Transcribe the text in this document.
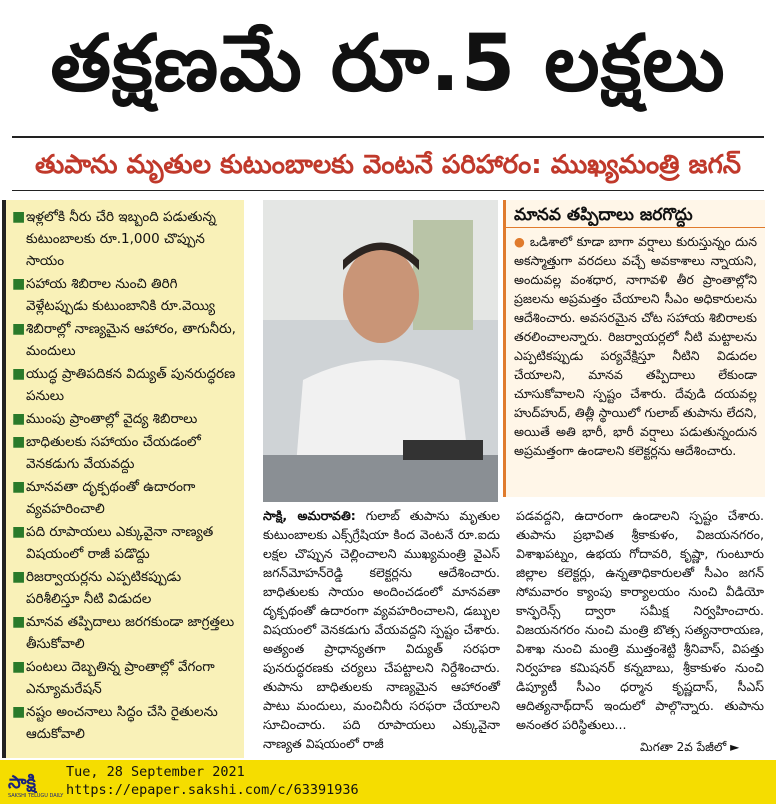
తక్షణమే రూ.5 లక్షలు
తుపాను మృతుల కుటుంబాలకు వెంటనే పరిహారం: ముఖ్యమంత్రి జగన్
■ ఇళ్లలోకి నీరు చేరి ఇబ్బంది పడుతున్న కుటుంబాలకు రూ.1,000 చొప్పున సాయం
■ సహాయ శిబిరాల నుంచి తిరిగి వెళ్లేటప్పుడు కుటుంబానికి రూ.వెయ్యి
■ శిబిరాల్లో నాణ్యమైన ఆహారం, తాగునీరు, మందులు
■ యుద్ధ ప్రాతిపదికన విద్యుత్ పునరుద్ధరణ పనులు
■ ముంపు ప్రాంతాల్లో వైద్య శిబిరాలు
■ బాధితులకు సహాయం చేయడంలో వెనకడుగు వేయవద్దు
■ మానవతా దృక్పథంతో ఉదారంగా వ్యవహరించాలి
■ పది రూపాయలు ఎక్కువైనా నాణ్యత విషయంలో రాజీ పడొద్దు
■ రిజర్వాయర్లను ఎప్పటికప్పుడు పరిశీలిస్తూ నీటి విడుదల
■ మానవ తప్పిదాలు జరగకుండా జాగ్రత్తలు తీసుకోవాలి
■ పంటలు దెబ్బతిన్న ప్రాంతాల్లో వేగంగా ఎన్యూమరేషన్
■ నష్టం అంచనాలు సిద్ధం చేసి రైతులను ఆదుకోవాలి
మానవ తప్పిదాలు జరగొద్దు
● ఒడిశాలో కూడా బాగా వర్షాలు కురుస్తున్నం దున అకస్మాత్తుగా వరదలు వచ్చే అవకాశాలు న్నాయని, అందువల్ల వంశధార, నాగావళి తీర ప్రాంతాల్లోని ప్రజలను అప్రమత్తం చేయాలని సీఎం అధికారులను ఆదేశించారు. అవసరమైన చోట సహాయ శిబిరాలకు తరలించాలన్నారు. రిజర్వాయర్లలో నీటి మట్టాలను ఎప్పటికప్పుడు పర్యవేక్షిస్తూ నీటిని విడుదల చేయాలని, మానవ తప్పిదాలు లేకుండా చూసుకోవాలని స్పష్టం చేశారు. దేవుడి దయవల్ల హుద్‌హుద్, తిత్లీ స్థాయిలో గులాబ్ తుపాను లేదని, అయితే అతి భారీ, భారీ వర్షాలు పడుతున్నందున అప్రమత్తంగా ఉండాలని కలెక్టర్లను ఆదేశించారు.
సాక్షి, అమరావతి: గులాబ్ తుపాను మృతుల కుటుంబాలకు ఎక్స్‌గ్రేషియా కింద వెంటనే రూ.ఐదు లక్షల చొప్పున చెల్లించాలని ముఖ్యమంత్రి వైఎస్ జగన్‌మోహన్‌రెడ్డి కలెక్టర్లను ఆదేశించారు. బాధితులకు సాయం అందించడంలో మానవతా దృక్పథంతో ఉదారంగా వ్యవహరించాలని, డబ్బుల విషయంలో వెనకడుగు వేయవద్దని స్పష్టం చేశారు. అత్యంత ప్రాధాన్యతగా విద్యుత్ సరఫరా పునరుద్ధరణకు చర్యలు చేపట్టాలని నిర్దేశించారు. తుపాను బాధితులకు నాణ్యమైన ఆహారంతో పాటు మందులు, మంచినీరు సరఫరా చేయాలని సూచించారు. పది రూపాయలు ఎక్కువైనా నాణ్యత విషయంలో రాజీ
పడవద్దని, ఉదారంగా ఉండాలని స్పష్టం చేశారు. తుపాను ప్రభావిత శ్రీకాకుళం, విజయనగరం, విశాఖపట్నం, ఉభయ గోదావరి, కృష్ణా, గుంటూరు జిల్లాల కలెక్టర్లు, ఉన్నతాధికారులతో సీఎం జగన్ సోమవారం క్యాంపు కార్యాలయం నుంచి వీడియో కాన్ఫరెన్స్ ద్వారా సమీక్ష నిర్వహించారు. విజయనగరం నుంచి మంత్రి బొత్స సత్యనారాయణ, విశాఖ నుంచి మంత్రి ముత్తంశెట్టి శ్రీనివాస్, విపత్తు నిర్వహణ కమిషనర్ కన్నబాబు, శ్రీకాకుళం నుంచి డిప్యూటీ సీఎం ధర్మాన కృష్ణదాస్, సీఎస్ ఆదిత్యనాథ్‌దాస్ ఇందులో పాల్గొన్నారు. తుపాను అనంతర పరిస్థితులు...
మిగతా 2వ పేజీలో ►
సాక్షి
SAKSHI TELUGU DAILY
Tue, 28 September 2021
https://epaper.sakshi.com/c/63391936
